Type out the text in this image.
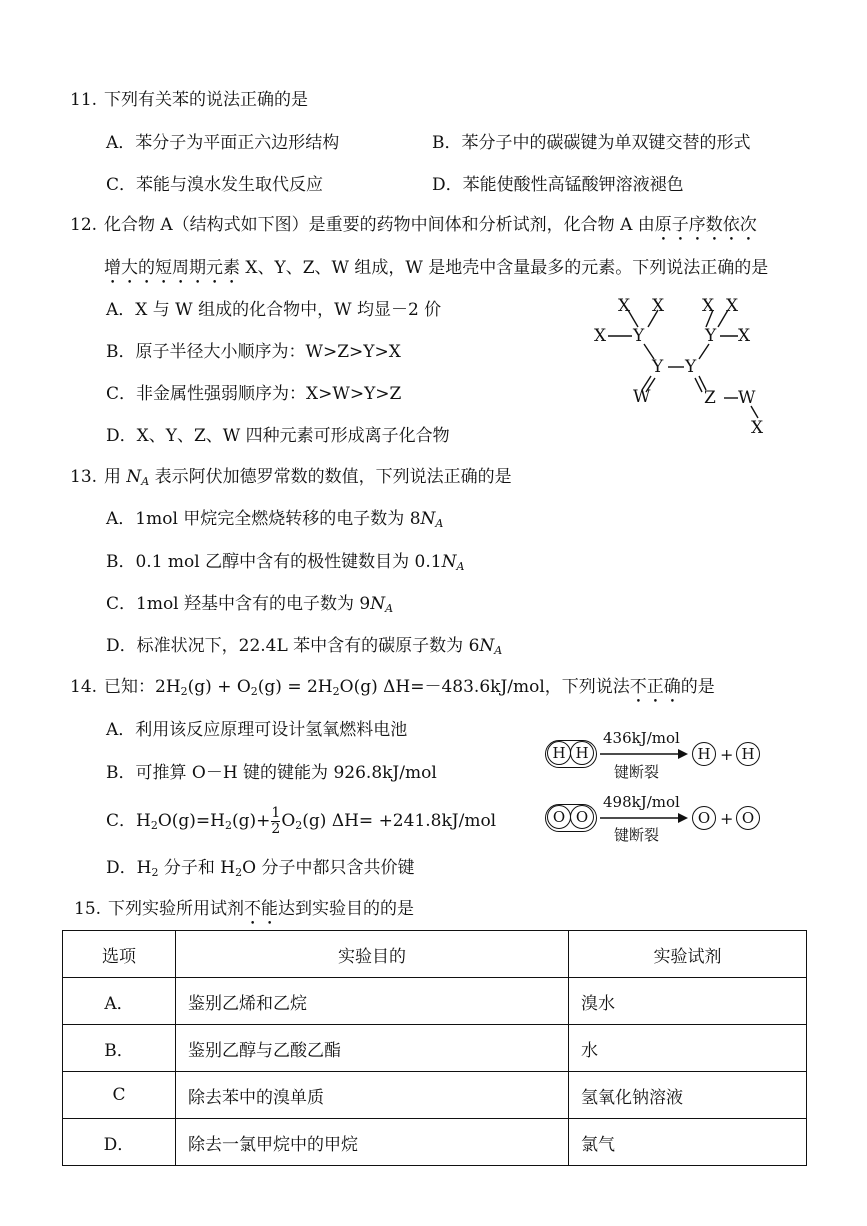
11. 下列有关苯的说法正确的是
A．苯分子为平面正六边形结构	B．苯分子中的碳碳键为单双键交替的形式
C．苯能与溴水发生取代反应	D．苯能使酸性高锰酸钾溶液褪色
12. 化合物 A（结构式如下图）是重要的药物中间体和分析试剂，化合物 A 由原子序数依次
增大的短周期元素 X、Y、Z、W 组成，W 是地壳中含量最多的元素。下列说法正确的是
A．X 与 W 组成的化合物中，W 均显－2 价
B．原子半径大小顺序为：W>Z>Y>X
C．非金属性强弱顺序为：X>W>Y>Z
D．X、Y、Z、W 四种元素可形成离子化合物
X X X X
X Y	Y X
Y Y
W	Z W
X
13. 用 $N_A$ 表示阿伏加德罗常数的数值，下列说法正确的是
A．1mol 甲烷完全燃烧转移的电子数为 $8N_A$
B．0.1 mol 乙醇中含有的极性键数目为 $0.1N_A$
C．1mol 羟基中含有的电子数为 $9N_A$
D．标准状况下，22.4L 苯中含有的碳原子数为 $6N_A$
14. 已知：$2H_2(g) + O_2(g) = 2H_2O(g)$ ΔH=－483.6kJ/mol，下列说法不正确的是
A．利用该反应原理可设计氢氧燃料电池
B．可推算 O－H 键的键能为 926.8kJ/mol
C．$H_2O(g)=H_2(g)+ \frac{1}{2} O_2(g)$ ΔH= +241.8kJ/mol
D．$H_2$ 分子和 $H_2O$ 分子中都只含共价键
H H
436kJ/mol
键断裂
H + H
O O
498kJ/mol
键断裂
O + O
15. 下列实验所用试剂不能达到实验目的的是
选项	实验目的	实验试剂
A．	鉴别乙烯和乙烷	溴水
B．	鉴别乙醇与乙酸乙酯	水
C	除去苯中的溴单质	氢氧化钠溶液
D．	除去一氯甲烷中的甲烷	氯气
